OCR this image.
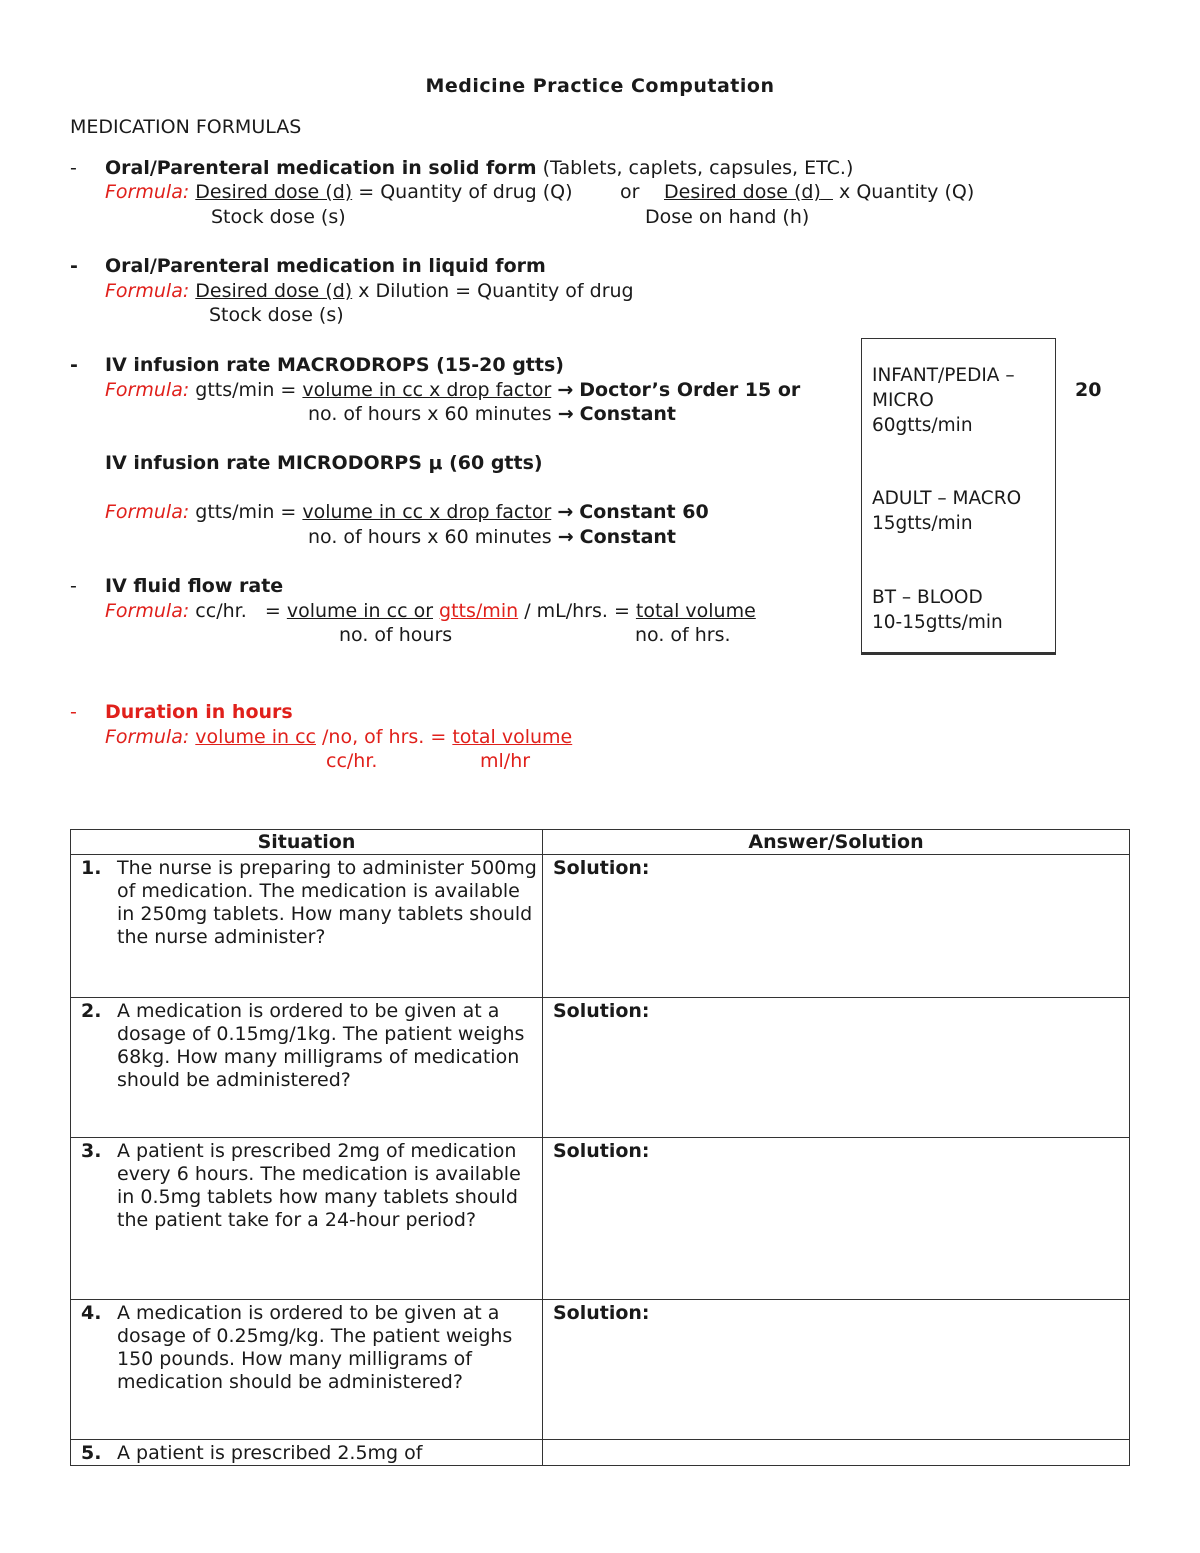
Medicine Practice Computation
MEDICATION FORMULAS
- Oral/Parenteral medication in solid form (Tablets, caplets, capsules, ETC.)
Formula: Desired dose (d) = Quantity of drug (Q)	or Desired dose (d) x Quantity (Q)
Stock dose (s)	Dose on hand (h)
- Oral/Parenteral medication in liquid form
Formula: Desired dose (d) x Dilution = Quantity of drug
Stock dose (s)
- IV infusion rate MACRODROPS (15-20 gtts)
Formula: gtts/min = volume in cc x drop factor → Doctor’s Order 15 or	20
no. of hours x 60 minutes → Constant
IV infusion rate MICRODORPS μ (60 gtts)
Formula: gtts/min = volume in cc x drop factor → Constant 60
no. of hours x 60 minutes → Constant
- IV fluid flow rate
Formula: cc/hr. = volume in cc or gtts/min / mL/hrs. = total volume
no. of hours	no. of hrs.
- Duration in hours
Formula: volume in cc /no, of hrs. = total volume
cc/hr.	ml/hr
INFANT/PEDIA –
MICRO
60gtts/min
ADULT – MACRO
15gtts/min
BT – BLOOD
10-15gtts/min
Situation	Answer/Solution

1. The nurse is preparing to administer 500mg of medication. The medication is available in 250mg tablets. How many tablets should the nurse administer?	Solution:

2. A medication is ordered to be given at a dosage of 0.15mg/1kg. The patient weighs 68kg. How many milligrams of medication should be administered?	Solution:

3. A patient is prescribed 2mg of medication every 6 hours. The medication is available in 0.5mg tablets how many tablets should the patient take for a 24-hour period?	Solution:

4. A medication is ordered to be given at a dosage of 0.25mg/kg. The patient weighs 150 pounds. How many milligrams of medication should be administered?	Solution:

5. A patient is prescribed 2.5mg of	
